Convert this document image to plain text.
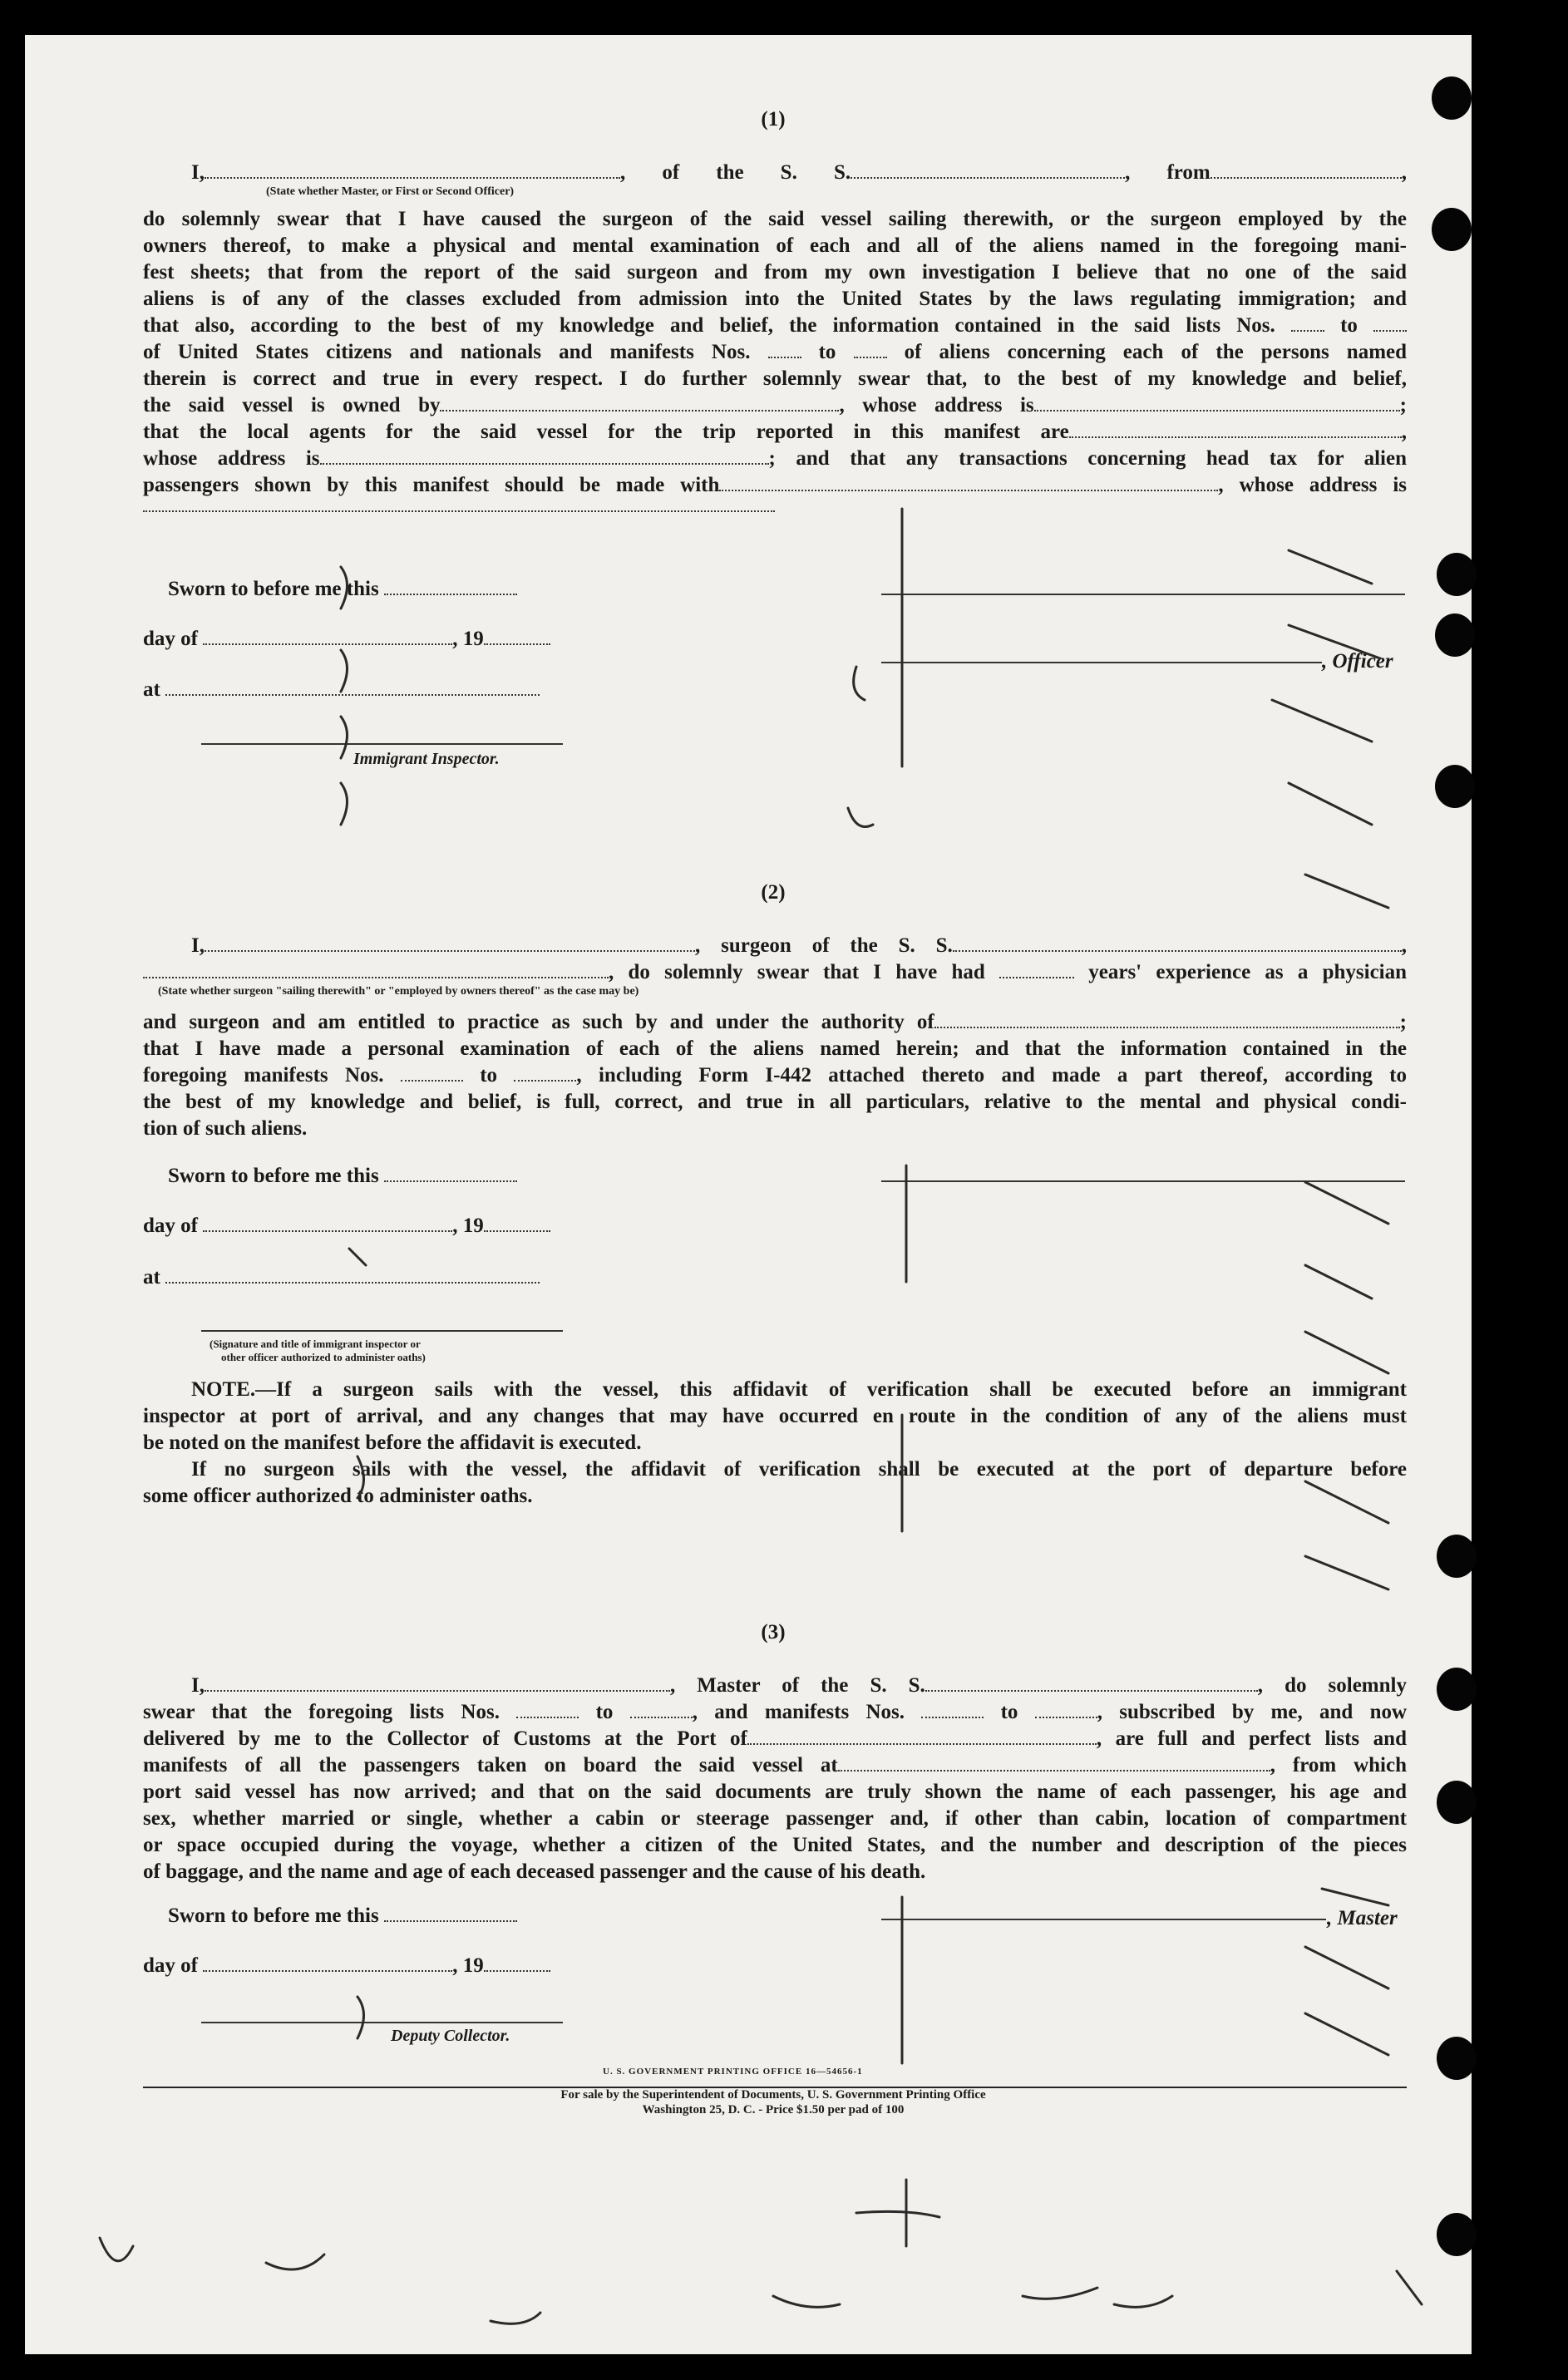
(1)
I,	, of the S. S.	, from	,
(State whether Master, or First or Second Officer)
do solemnly swear that I have caused the surgeon of the said vessel sailing therewith, or the surgeon employed by the
owners thereof, to make a physical and mental examination of each and all of the aliens named in the foregoing mani-
fest sheets; that from the report of the said surgeon and from my own investigation I believe that no one of the said
aliens is of any of the classes excluded from admission into the United States by the laws regulating immigration; and
that also, according to the best of my knowledge and belief, the information contained in the said lists Nos.	to
of United States citizens and nationals and manifests Nos.	to	of aliens concerning each of the persons named
therein is correct and true in every respect. I do further solemnly swear that, to the best of my knowledge and belief,
the said vessel is owned by	, whose address is	;
that the local agents for the said vessel for the trip reported in this manifest are	,
whose address is	; and that any transactions concerning head tax for alien
passengers shown by this manifest should be made with	, whose address is
Sworn to before me this
day of	, 19
at
Immigrant Inspector.
, Officer
(2)
I,	, surgeon of the S. S.	,
, do solemnly swear that I have had	years' experience as a physician
(State whether surgeon "sailing therewith" or "employed by owners thereof" as the case may be)
and surgeon and am entitled to practice as such by and under the authority of	;
that I have made a personal examination of each of the aliens named herein; and that the information contained in the
foregoing manifests Nos.	to	, including Form I-442 attached thereto and made a part thereof, according to
the best of my knowledge and belief, is full, correct, and true in all particulars, relative to the mental and physical condi-
tion of such aliens.
Sworn to before me this
day of	, 19
at
(Signature and title of immigrant inspector or
other officer authorized to administer oaths)
NOTE.—If a surgeon sails with the vessel, this affidavit of verification shall be executed before an immigrant
inspector at port of arrival, and any changes that may have occurred en route in the condition of any of the aliens must
be noted on the manifest before the affidavit is executed.
If no surgeon sails with the vessel, the affidavit of verification shall be executed at the port of departure before
some officer authorized to administer oaths.
(3)
I,	, Master of the S. S.	, do solemnly
swear that the foregoing lists Nos.	to	, and manifests Nos.	to	, subscribed by me, and now
delivered by me to the Collector of Customs at the Port of	, are full and perfect lists and
manifests of all the passengers taken on board the said vessel at	, from which
port said vessel has now arrived; and that on the said documents are truly shown the name of each passenger, his age and
sex, whether married or single, whether a cabin or steerage passenger and, if other than cabin, location of compartment
or space occupied during the voyage, whether a citizen of the United States, and the number and description of the pieces
of baggage, and the name and age of each deceased passenger and the cause of his death.
Sworn to before me this
day of	, 19
Deputy Collector.
, Master
U. S. GOVERNMENT PRINTING OFFICE 16—54656-1
For sale by the Superintendent of Documents, U. S. Government Printing Office
Washington 25, D. C. - Price $1.50 per pad of 100
